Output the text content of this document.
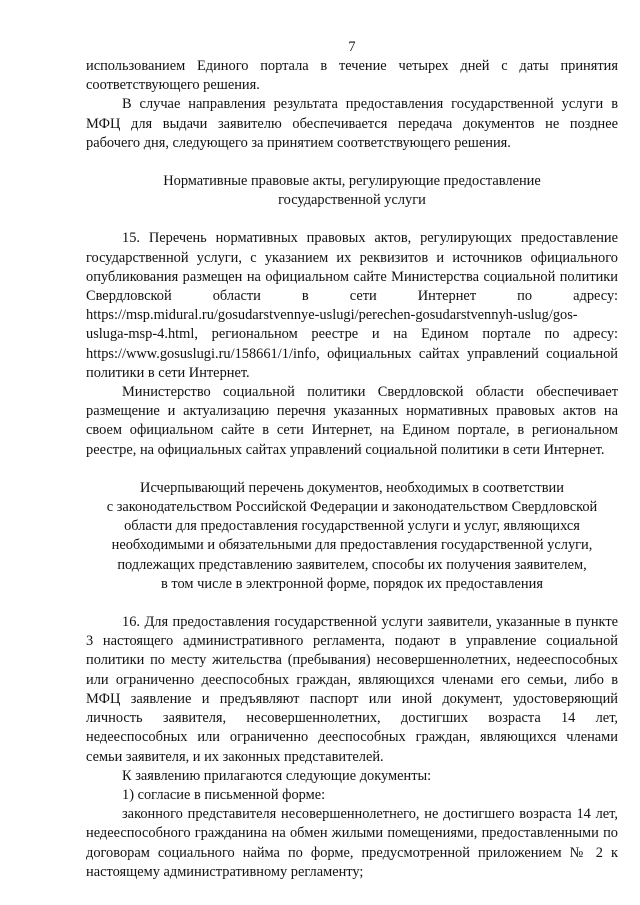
7

использованием Единого портала в течение четырех дней с даты принятия соответствующего решения.

В случае направления результата предоставления государственной услуги в МФЦ для выдачи заявителю обеспечивается передача документов не позднее рабочего дня, следующего за принятием соответствующего решения.

Нормативные правовые акты, регулирующие предоставление
государственной услуги

15. Перечень нормативных правовых актов, регулирующих предоставление государственной услуги, с указанием их реквизитов и источников официального опубликования размещен на официальном сайте Министерства социальной политики Свердловской области в сети Интернет по адресу: https://msp.midural.ru/gosudarstvennye-uslugi/perechen-gosudarstvennyh-uslug/gos-usluga-msp-4.html, региональном реестре и на Едином портале по адресу: https://www.gosuslugi.ru/158661/1/info, официальных сайтах управлений социальной политики в сети Интернет.

Министерство социальной политики Свердловской области обеспечивает размещение и актуализацию перечня указанных нормативных правовых актов на своем официальном сайте в сети Интернет, на Едином портале, в региональном реестре, на официальных сайтах управлений социальной политики в сети Интернет.

Исчерпывающий перечень документов, необходимых в соответствии
с законодательством Российской Федерации и законодательством Свердловской
области для предоставления государственной услуги и услуг, являющихся
необходимыми и обязательными для предоставления государственной услуги,
подлежащих представлению заявителем, способы их получения заявителем,
в том числе в электронной форме, порядок их предоставления

16. Для предоставления государственной услуги заявители, указанные в пункте 3 настоящего административного регламента, подают в управление социальной политики по месту жительства (пребывания) несовершеннолетних, недееспособных или ограниченно дееспособных граждан, являющихся членами его семьи, либо в МФЦ заявление и предъявляют паспорт или иной документ, удостоверяющий личность заявителя, несовершеннолетних, достигших возраста 14 лет, недееспособных или ограниченно дееспособных граждан, являющихся членами семьи заявителя, и их законных представителей.

К заявлению прилагаются следующие документы:

1) согласие в письменной форме:

законного представителя несовершеннолетнего, не достигшего возраста 14 лет, недееспособного гражданина на обмен жилыми помещениями, предоставленными по договорам социального найма по форме, предусмотренной приложением № 2 к настоящему административному регламенту;
